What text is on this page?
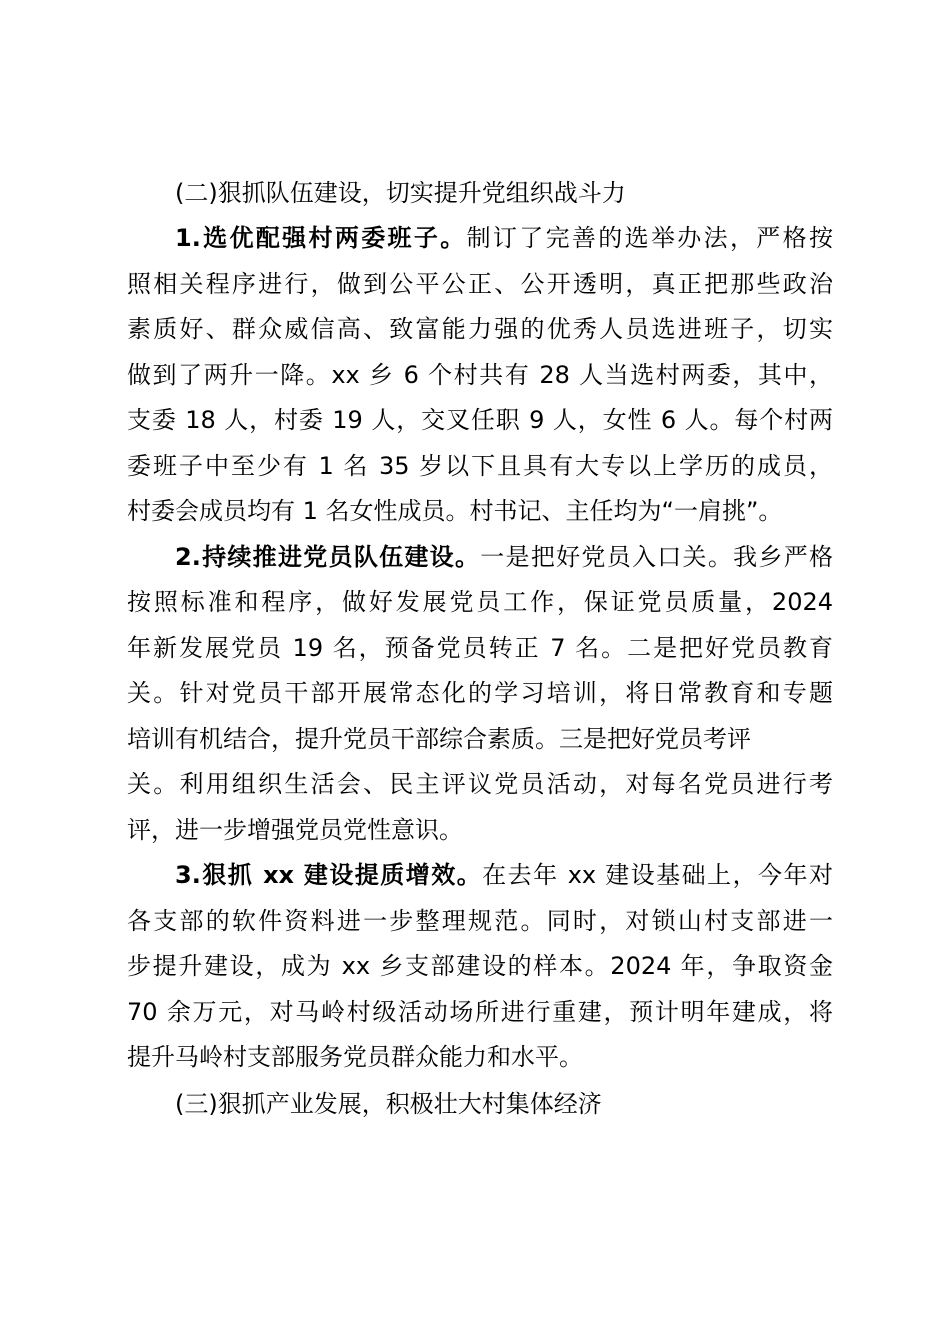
(二)狠抓队伍建设，切实提升党组织战斗力

1.选优配强村两委班子。制订了完善的选举办法，严格按
照相关程序进行，做到公平公正、公开透明，真正把那些政治
素质好、群众威信高、致富能力强的优秀人员选进班子，切实
做到了两升一降。xx 乡 6 个村共有 28 人当选村两委，其中，
支委 18 人，村委 19 人，交叉任职 9 人，女性 6 人。每个村两
委班子中至少有 1 名 35 岁以下且具有大专以上学历的成员，
村委会成员均有 1 名女性成员。村书记、主任均为“一肩挑”。
2.持续推进党员队伍建设。一是把好党员入口关。我乡严格
按照标准和程序，做好发展党员工作，保证党员质量，2024
年新发展党员 19 名，预备党员转正 7 名。二是把好党员教育
关。针对党员干部开展常态化的学习培训，将日常教育和专题
培训有机结合，提升党员干部综合素质。三是把好党员考评
关。利用组织生活会、民主评议党员活动，对每名党员进行考
评，进一步增强党员党性意识。
3.狠抓 xx 建设提质增效。在去年 xx 建设基础上，今年对
各支部的软件资料进一步整理规范。同时，对锁山村支部进一
步提升建设，成为 xx 乡支部建设的样本。2024 年，争取资金
70 余万元，对马岭村级活动场所进行重建，预计明年建成，将
提升马岭村支部服务党员群众能力和水平。

(三)狠抓产业发展，积极壮大村集体经济
